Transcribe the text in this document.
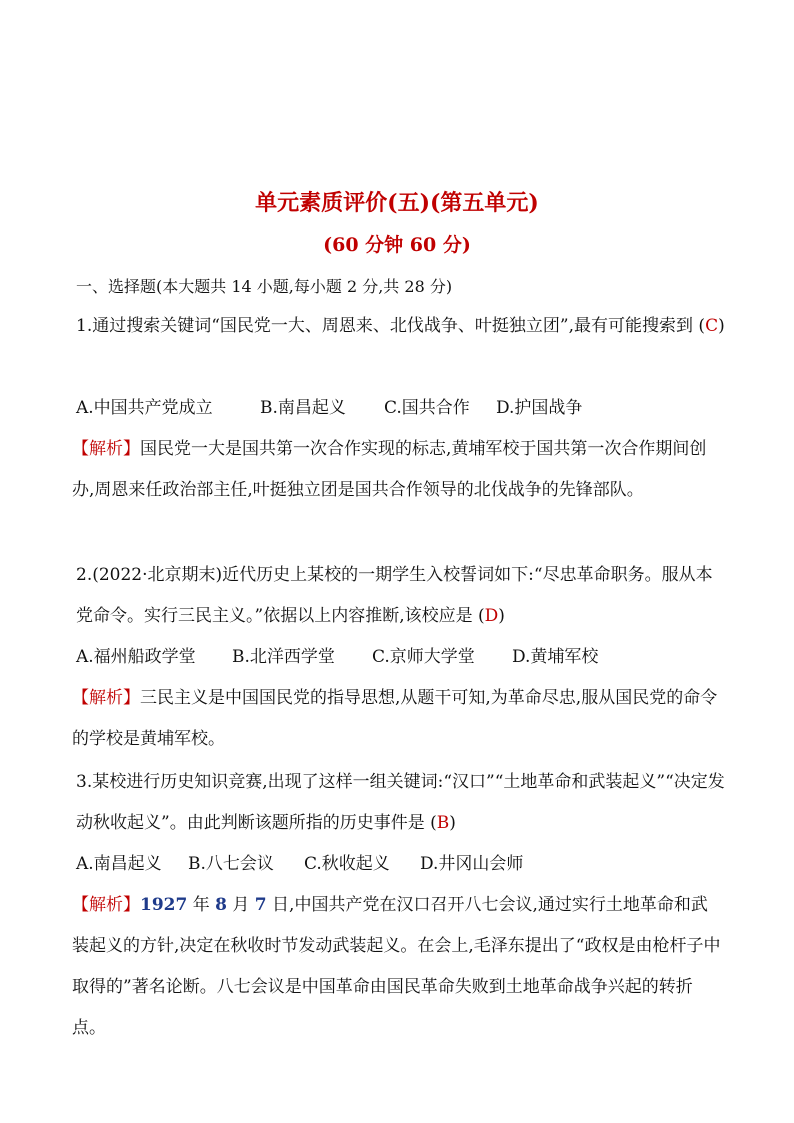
单元素质评价(五)(第五单元)
(60 分钟 60 分)

一、选择题(本大题共 14 小题,每小题 2 分,共 28 分)

1.通过搜索关键词“国民党一大、周恩来、北伐战争、叶挺独立团”,最有可能搜索到 (C)

A.中国共产党成立	B.南昌起义 C.国共合作 D.护国战争

【解析】国民党一大是国共第一次合作实现的标志,黄埔军校于国共第一次合作期间创办,周恩来任政治部主任,叶挺独立团是国共合作领导的北伐战争的先锋部队。

2.(2022·北京期末)近代历史上某校的一期学生入校誓词如下:“尽忠革命职务。服从本党命令。实行三民主义。”依据以上内容推断,该校应是 (D)

A.福州船政学堂 B.北洋西学堂 C.京师大学堂 D.黄埔军校

【解析】三民主义是中国国民党的指导思想,从题干可知,为革命尽忠,服从国民党的命令的学校是黄埔军校。

3.某校进行历史知识竞赛,出现了这样一组关键词:“汉口”“土地革命和武装起义”“决定发动秋收起义”。由此判断该题所指的历史事件是 (B)

A.南昌起义 B.八七会议 C.秋收起义 D.井冈山会师

【解析】1927 年 8 月 7 日,中国共产党在汉口召开八七会议,通过实行土地革命和武装起义的方针,决定在秋收时节发动武装起义。在会上,毛泽东提出了“政权是由枪杆子中取得的”著名论断。八七会议是中国革命由国民革命失败到土地革命战争兴起的转折点。
